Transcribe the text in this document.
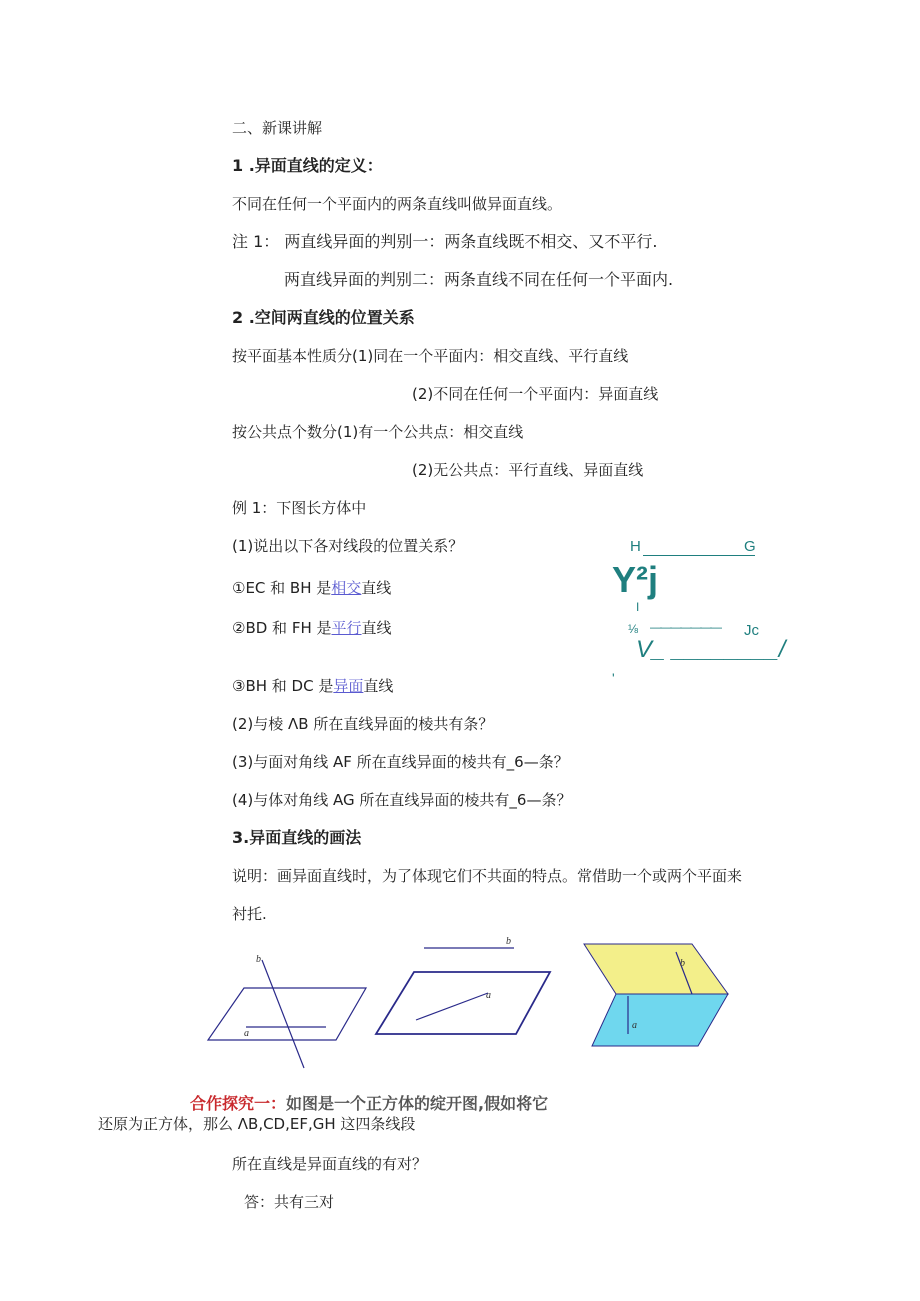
二、新课讲解
1 .异面直线的定义：
不同在任何一个平面内的两条直线叫做异面直线。
注 1： 两直线异面的判别一：两条直线既不相交、又不平行.
两直线异面的判别二：两条直线不同在任何一个平面内.
2 .空间两直线的位置关系
按平面基本性质分(1)同在一个平面内：相交直线、平行直线
(2)不同在任何一个平面内：异面直线
按公共点个数分(1)有一个公共点：相交直线
(2)无公共点：平行直线、异面直线
例 1：下图长方体中
(1)说出以下各对线段的位置关系？
①EC 和 BH 是相交直线
②BD 和 FH 是平行直线
③BH 和 DC 是异面直线
(2)与棱 ΛB 所在直线异面的棱共有条？
(3)与面对角线 AF 所在直线异面的棱共有_6—条？
(4)与体对角线 AG 所在直线异面的棱共有_6—条？
H	G
Y²j
I
⅛ ——————— Jc
V_ ________/
'
3.异面直线的画法
说明：画异面直线时，为了体现它们不共面的特点。常借助一个或两个平面来
衬托.
b
a
b
a
b
a
合作探究一：如图是一个正方体的绽开图,假如将它
还原为正方体，那么 ΛB,CD,EF,GH 这四条线段
所在直线是异面直线的有对？
答：共有三对
